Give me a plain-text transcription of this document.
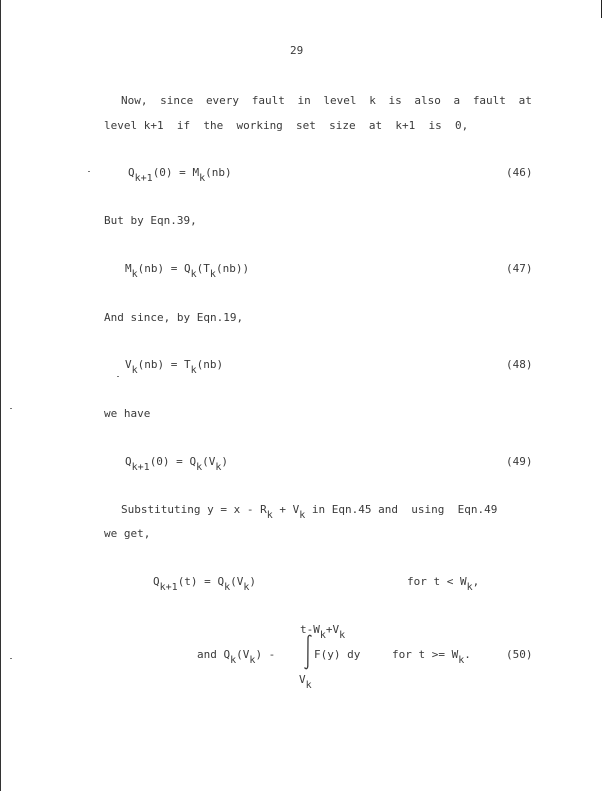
29
Now, since every fault in level k is also a fault at
level k+1  if  the  working  set  size  at  k+1  is  0,
$Q_{k+1}(0) = M_k(nb)$	(46)
But by Eqn.39,
$M_k(nb) = Q_k(T_k(nb))$	(47)
And since, by Eqn.19,
$V_k(nb) = T_k(nb)$	(48)
we have
$Q_{k+1}(0) = Q_k(V_k)$	(49)
Substituting $y = x - R_k + V_k$ in Eqn.45 and  using  Eqn.49
we get,
$Q_{k+1}(t) = Q_k(V_k)$	for $t < W_k$,
$t-W_k+V_k$
and $Q_k(V_k)$ -	F(y) dy	for $t >= W_k$.	(50)
$V_k$
